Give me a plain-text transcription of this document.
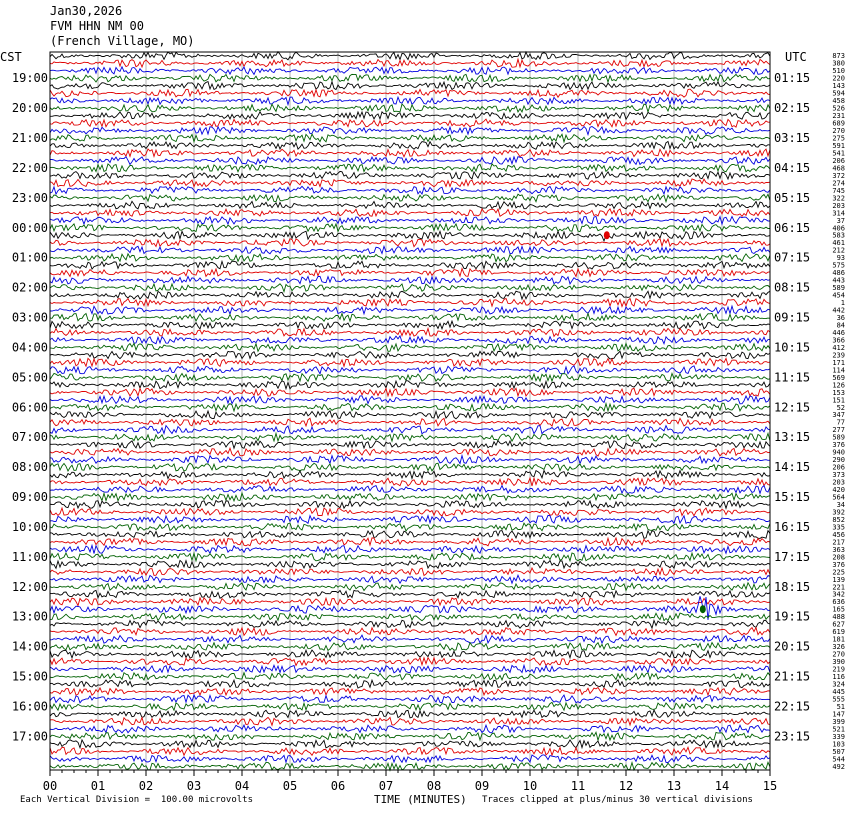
Jan30,2026
FVM HHN NM 00
(French Village, MO)
CST	UTC	873
380
510
220
143
594
458
526
231
689
270
275
591
541
206
468
372
274
745
322
203
314
37
406
583
461
212
93
575
486
443
589
454
1
442
36
84
446
366
412
239
171
114
569
126
153
151
52
347
77
277
589
376
940
290
206
373
203
420
564
34
392
852
335
456
217
363
208
376
225
139
221
342
636
165
488
627
619
181
326
270
390
219
116
324
445
555
51
147
399
521
339
103
507
544
492
19:00
20:00
21:00
22:00
23:00
00:00
01:00
02:00
03:00
04:00
05:00
06:00
07:00
08:00
09:00
10:00
11:00
12:00
13:00
14:00
15:00
16:00
17:00
01:15
02:15
03:15
04:15
05:15
06:15
07:15
08:15
09:15
10:15
11:15
12:15
13:15
14:15
15:15
16:15
17:15
18:15
19:15
20:15
21:15
22:15
23:15
00	01	02	03	04	05	06	07	08	09	10	11	12	13	14	15
Each Vertical Division =  100.00 microvolts	TIME (MINUTES) Traces clipped at plus/minus 30 vertical divisions
